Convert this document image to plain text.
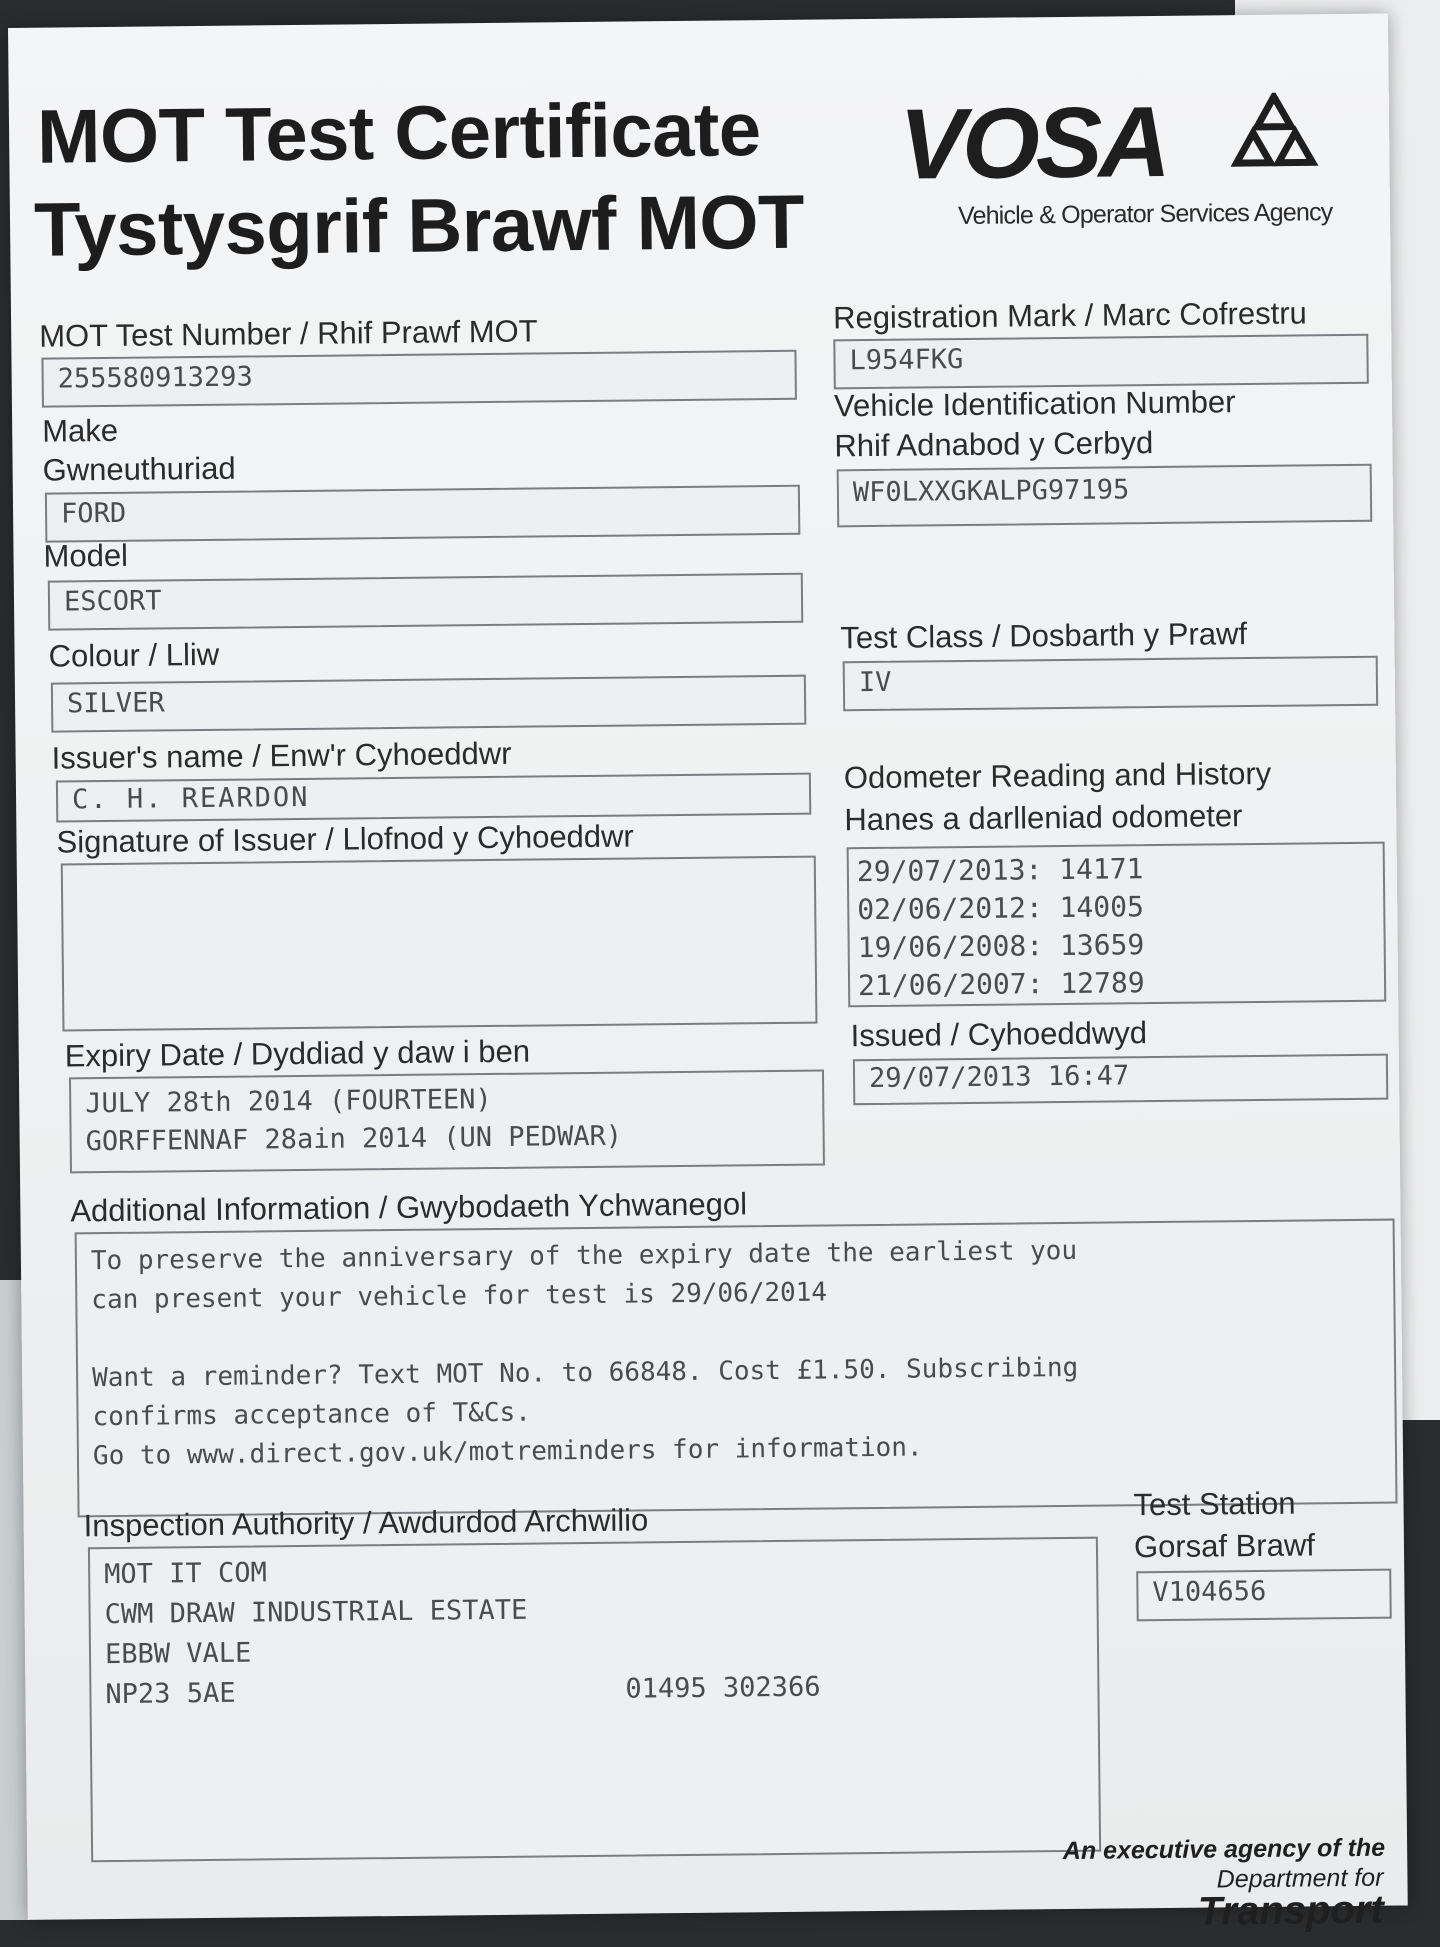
MOT Test Certificate
Tystysgrif Brawf MOT
VOSA
Vehicle & Operator Services Agency
MOT Test Number / Rhif Prawf MOT
255580913293
Registration Mark / Marc Cofrestru
L954FKG
Make
Gwneuthuriad
FORD
Vehicle Identification Number
Rhif Adnabod y Cerbyd
WF0LXXGKALPG97195
Model
ESCORT
Colour / Lliw
SILVER
Test Class / Dosbarth y Prawf
IV
Issuer's name / Enw'r Cyhoeddwr
C. H. REARDON
Signature of Issuer / Llofnod y Cyhoeddwr
Odometer Reading and History
Hanes a darlleniad odometer
29/07/2013: 14171
02/06/2012: 14005
19/06/2008: 13659
21/06/2007: 12789
Expiry Date / Dyddiad y daw i ben
JULY 28th 2014 (FOURTEEN)
GORFFENNAF 28ain 2014 (UN PEDWAR)
Issued / Cyhoeddwyd
29/07/2013 16:47
Additional Information / Gwybodaeth Ychwanegol
To preserve the anniversary of the expiry date the earliest you
can present your vehicle for test is 29/06/2014
Want a reminder? Text MOT No. to 66848. Cost £1.50. Subscribing
confirms acceptance of T&Cs.
Go to www.direct.gov.uk/motreminders for information.
Inspection Authority / Awdurdod Archwilio
MOT IT COM
CWM DRAW INDUSTRIAL ESTATE
EBBW VALE
NP23 5AE	01495 302366
Test Station
Gorsaf Brawf
V104656
An executive agency of the
Department for
Transport
